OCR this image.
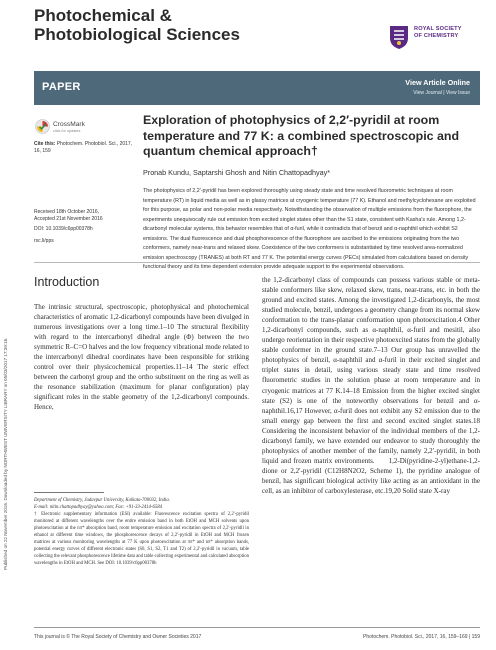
Published on 22 November 2016. Downloaded by NORTHWEST UNIVERSITY LIBRARY on 05/03/2017 17:39:16.
Photochemical &
Photobiological Sciences	ROYAL SOCIETY
OF CHEMISTRY
PAPER	View Article Online
View Journal | View Issue
CrossMark
click for updates
Cite this: Photochem. Photobiol. Sci., 2017, 16, 159
Exploration of photophysics of 2,2′-pyridil at room temperature and 77 K: a combined spectroscopic and quantum chemical approach†
Pronab Kundu, Saptarshi Ghosh and Nitin Chattopadhyay*
The photophysics of 2,2′-pyridil has been explored thoroughly using steady state and time resolved fluorometric techniques at room temperature (RT) in liquid media as well as in glassy matrices at cryogenic temperature (77 K). Ethanol and methylcyclohexane are exploited for this purpose, as polar and non-polar media respectively. Notwithstanding the observation of multiple emissions from the fluorophore, the experiments unequivocally rule out emission from excited singlet states other than the S1 state, consistent with Kasha's rule. Among 1,2-dicarbonyl molecular systems, this behavior resembles that of α-furil, while it contradicts that of benzil and α-naphthil which exhibit S2 emissions. The dual fluorescence and dual phosphorescence of the fluorophore are ascribed to the emissions originating from the two conformers, namely near-trans and relaxed skew. Coexistence of the two conformers is substantiated by time resolved area-normalized emission spectroscopy (TRANES) at both RT and 77 K. The potential energy curves (PECs) simulated from calculations based on density functional theory and its time dependent extension provide adequate support to the experimental observations.
Received 18th October 2016,
Accepted 21st November 2016
DOI: 10.1039/c6pp00378h
rsc.li/pps
Introduction
The intrinsic structural, spectroscopic, photophysical and photochemical characteristics of aromatic 1,2-dicarbonyl compounds have been divulged in numerous investigations over a long time.1–10 The structural flexibility with regard to the intercarbonyl dihedral angle (Φ) between the two symmetric R–C=O halves and the low frequency vibrational mode related to the intercarbonyl dihedral coordinates have been responsible for striking control over their physicochemical properties.11–14 The steric effect between the carbonyl group and the ortho substituent on the ring as well as the resonance stabilization (maximum for planar configuration) play significant roles in the stable geometry of the 1,2-dicarbonyl compounds. Hence,
the 1,2-dicarbonyl class of compounds can possess various stable or meta-stable conformers like skew, relaxed skew, trans, near-trans, etc. in both the ground and excited states. Among the investigated 1,2-dicarbonyls, the most studied molecule, benzil, undergoes a geometry change from its normal skew conformation to the trans-planar conformation upon photoexcitation.4 Other 1,2-dicarbonyl compounds, such as α-naphthil, α-furil and mesitil, also undergo reorientation in their respective photoexcited states from the globally stable conformer in the ground state.7–13 Our group has unravelled the photophysics of benzil, α-naphthil and α-furil in their excited singlet and triplet states in detail, using various steady state and time resolved fluorometric studies in the solution phase at room temperature and in cryogenic matrices at 77 K.14–18 Emission from the higher excited singlet state (S2) is one of the noteworthy observations for benzil and α-naphthil.16,17 However, α-furil does not exhibit any S2 emission due to the small energy gap between the first and second excited singlet states.18 Considering the inconsistent behavior of the individual members of the 1,2-dicarbonyl family, we have extended our endeavor to study thoroughly the photophysics of another member of the family, namely 2,2′-pyridil, in both liquid and frozen matrix environments.  1,2-Di(pyridine-2-yl)ethane-1,2-dione or 2,2′-pyridil (C12H8N2O2, Scheme 1), the pyridine analogue of benzil, has significant biological activity like acting as an antioxidant in the cell, as an inhibitor of carboxylesterase, etc.19,20 Solid state X-ray
Department of Chemistry, Jadavpur University, Kolkata-700032, India.
E-mail: nitin.chattopadhyay@yahoo.com; Fax: +91-33-2414-6584
† Electronic supplementary information (ESI) available: Fluorescence excitation spectra of 2,2′-pyridil monitored at different wavelengths over the entire emission band in both EtOH and MCH solvents upon photoexcitation at the nπ* absorption band, room temperature emission and excitation spectra of 2,2′-pyridil in ethanol at different time windows, the phosphorescence decays of 2,2′-pyridil in EtOH and MCH frozen matrices at various monitoring wavelengths at 77 K upon photoexcitation at ππ* and nπ* absorption bands, potential energy curves of different electronic states (S0, S1, S2, T1 and T2) of 2,2′-pyridil in vacuum, table collecting the relevant phosphorescence lifetime data and table collecting experimental and calculated absorption wavelengths in EtOH and MCH. See DOI: 10.1039/c6pp00378h
This journal is © The Royal Society of Chemistry and Owner Societies 2017	Photochem. Photobiol. Sci., 2017, 16, 159–169 | 159
